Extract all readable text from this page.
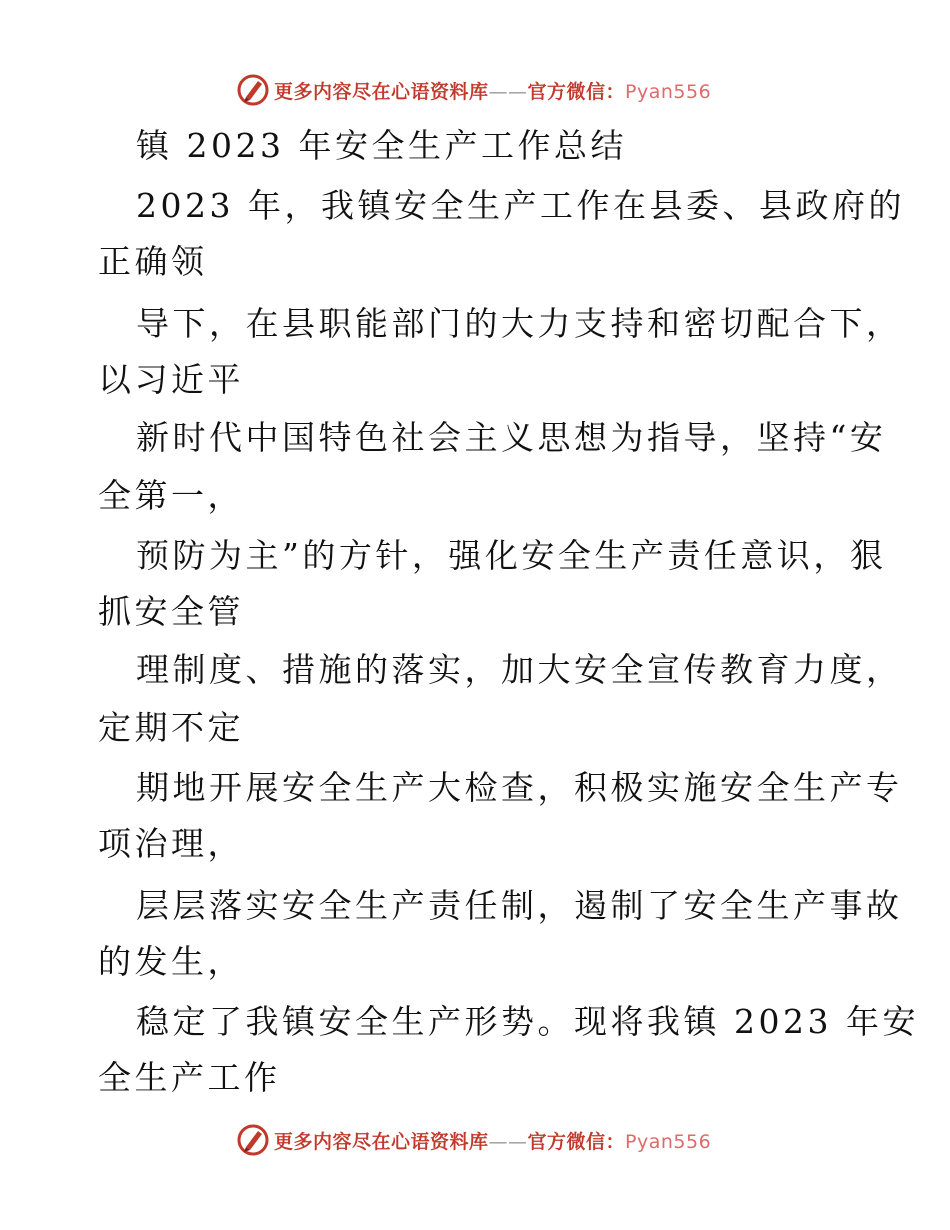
更多内容尽在心语资料库——官方微信：Pyan556
镇 2023 年安全生产工作总结
2023 年，我镇安全生产工作在县委、县政府的
正确领
导下，在县职能部门的大力支持和密切配合下，
以习近平
新时代中国特色社会主义思想为指导，坚持“安
全第一，
预防为主”的方针，强化安全生产责任意识，狠
抓安全管
理制度、措施的落实，加大安全宣传教育力度，
定期不定
期地开展安全生产大检查，积极实施安全生产专
项治理，
层层落实安全生产责任制，遏制了安全生产事故
的发生，
稳定了我镇安全生产形势。现将我镇 2023 年安
全生产工作
更多内容尽在心语资料库——官方微信：Pyan556
